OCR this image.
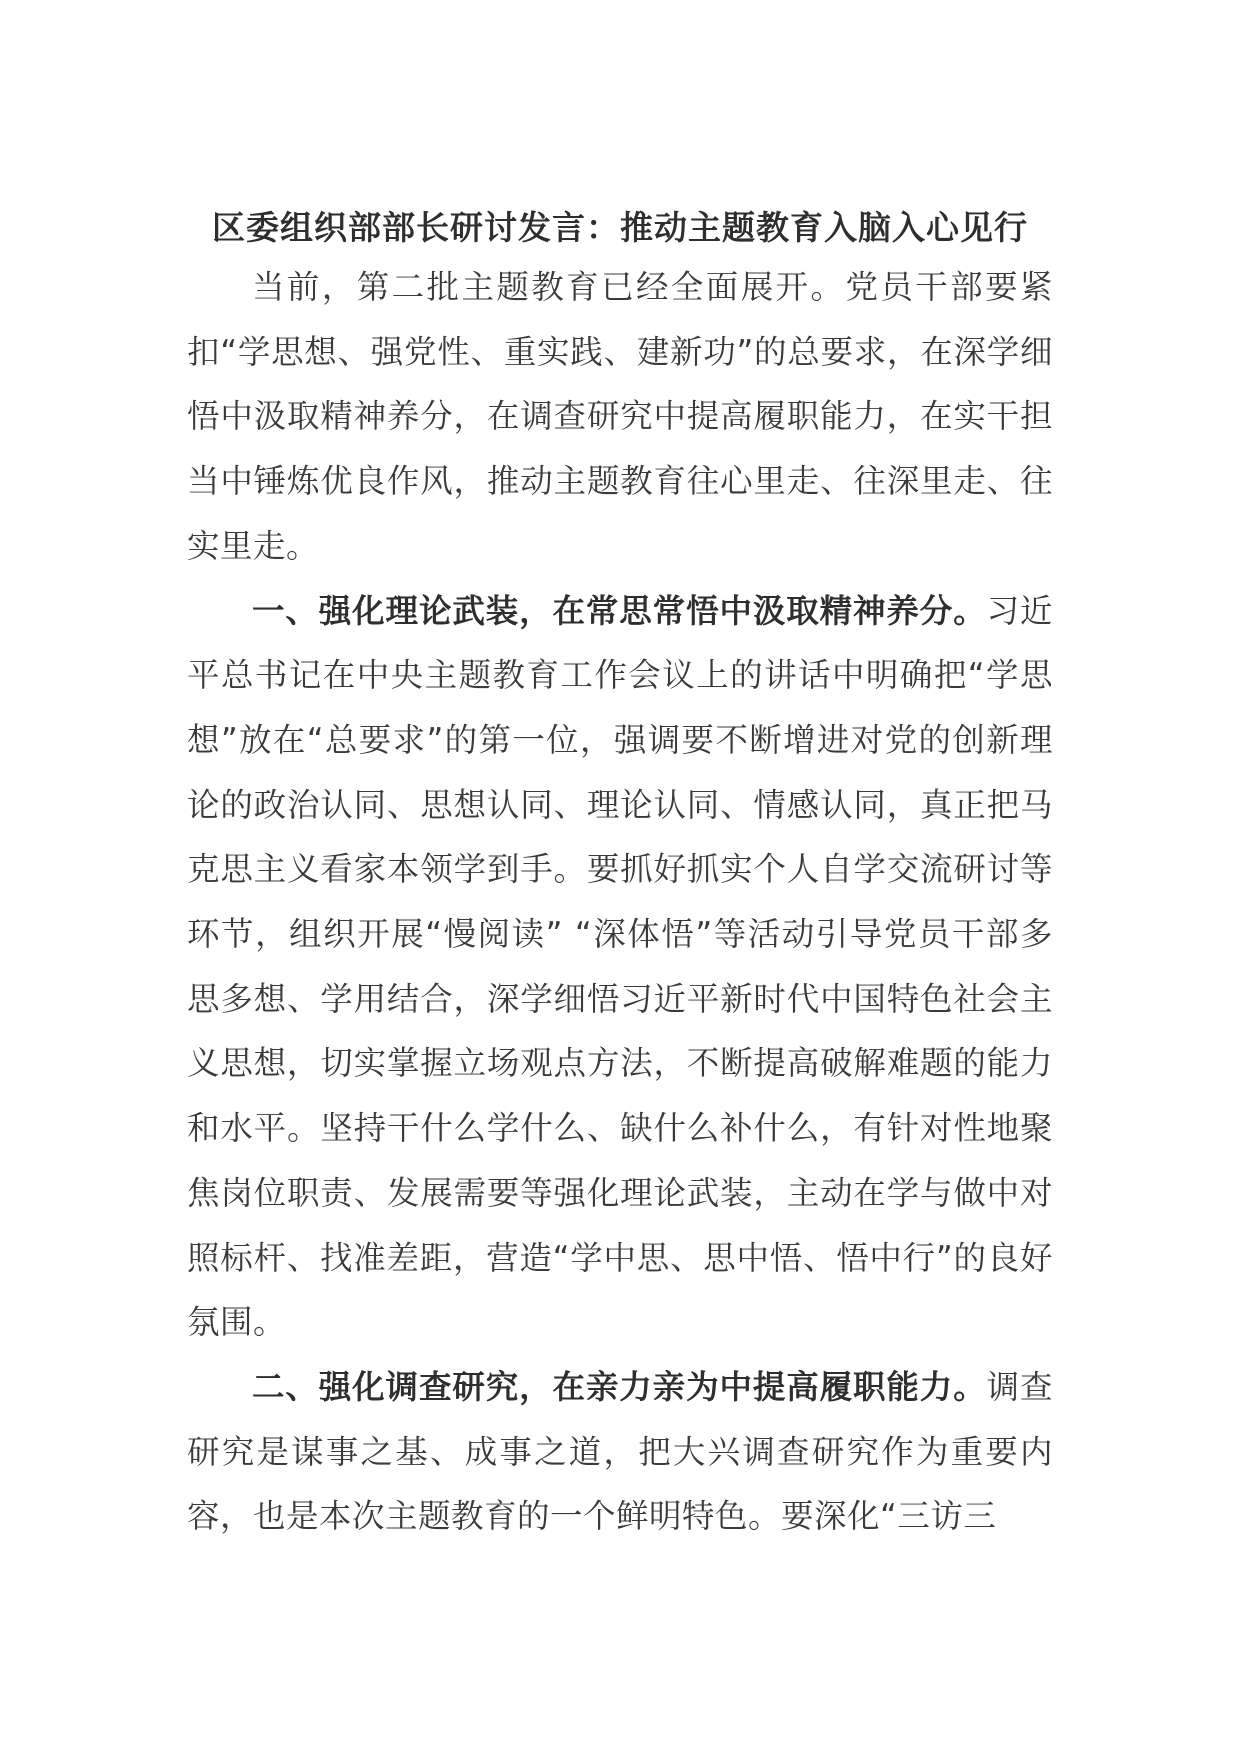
区委组织部部长研讨发言：推动主题教育入脑入心见行

当前，第二批主题教育已经全面展开。党员干部要紧扣“学思想、强党性、重实践、建新功”的总要求，在深学细悟中汲取精神养分，在调查研究中提高履职能力，在实干担当中锤炼优良作风，推动主题教育往心里走、往深里走、往实里走。

一、强化理论武装，在常思常悟中汲取精神养分。习近平总书记在中央主题教育工作会议上的讲话中明确把“学思想”放在“总要求”的第一位，强调要不断增进对党的创新理论的政治认同、思想认同、理论认同、情感认同，真正把马克思主义看家本领学到手。要抓好抓实个人自学交流研讨等环节，组织开展“慢阅读” “深体悟”等活动引导党员干部多思多想、学用结合，深学细悟习近平新时代中国特色社会主义思想，切实掌握立场观点方法，不断提高破解难题的能力和水平。坚持干什么学什么、缺什么补什么，有针对性地聚焦岗位职责、发展需要等强化理论武装，主动在学与做中对照标杆、找准差距，营造“学中思、思中悟、悟中行”的良好氛围。

二、强化调查研究，在亲力亲为中提高履职能力。调查研究是谋事之基、成事之道，把大兴调查研究作为重要内容，也是本次主题教育的一个鲜明特色。要深化“三访三
